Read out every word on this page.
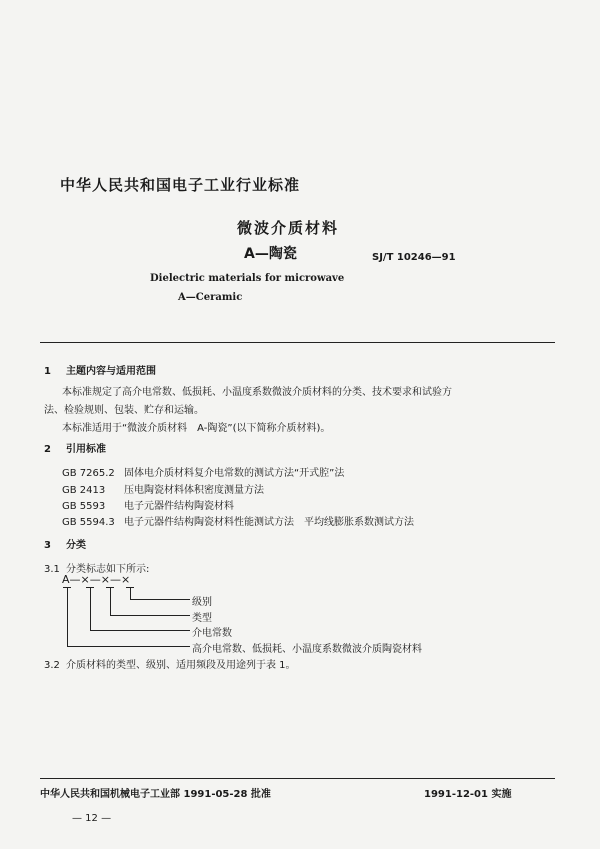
中华人民共和国电子工业行业标准
微波介质材料
A—陶瓷	SJ/T 10246—91
Dielectric materials for microwave
A—Ceramic
1 主题内容与适用范围
本标准规定了高介电常数、低损耗、小温度系数微波介质材料的分类、技术要求和试验方
法、检验规则、包装、贮存和运输。
本标准适用于“微波介质材料　A-陶瓷”(以下简称介质材料)。
2 引用标准
GB 7265.2 固体电介质材料复介电常数的测试方法“开式腔”法
GB 2413 压电陶瓷材料体积密度测量方法
GB 5593 电子元器件结构陶瓷材料
GB 5594.3 电子元器件结构陶瓷材料性能测试方法　平均线膨胀系数测试方法
3 分类
3.1 分类标志如下所示:
A—×—×—×
级别
类型
介电常数
高介电常数、低损耗、小温度系数微波介质陶瓷材料
3.2 介质材料的类型、级别、适用频段及用途列于表 1。
中华人民共和国机械电子工业部 1991-05-28 批准	1991-12-01 实施
— 12 —
